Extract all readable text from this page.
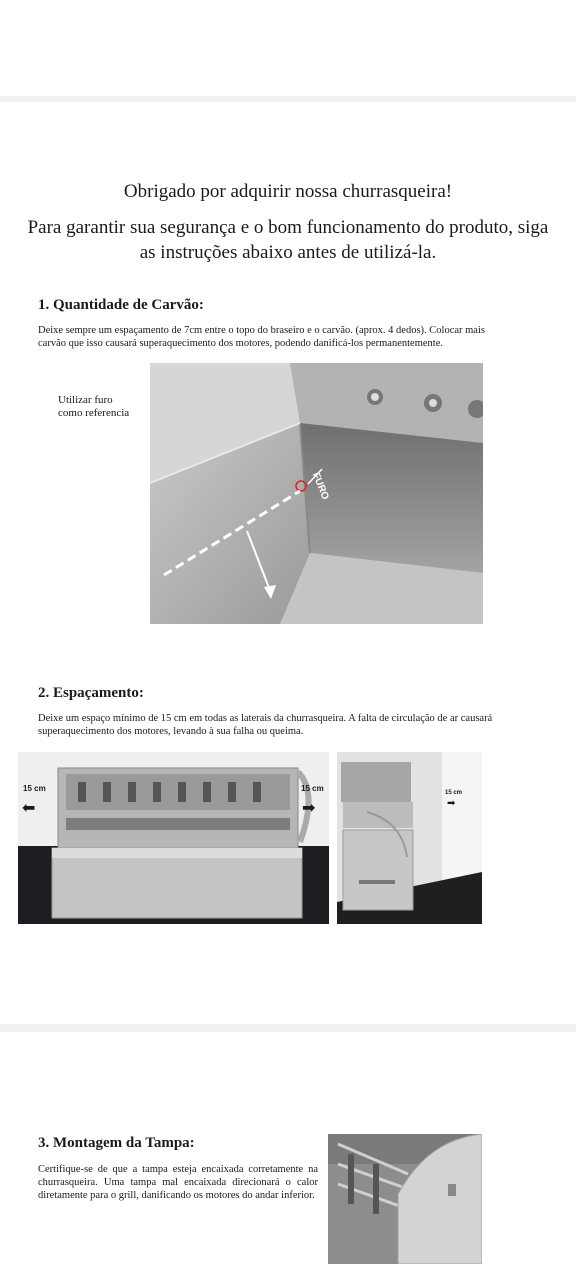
Obrigado por adquirir nossa churrasqueira!
Para garantir sua segurança e o bom funcionamento do produto, siga as instruções abaixo antes de utilizá-la.
1. Quantidade de Carvão:
Deixe sempre um espaçamento de 7cm entre o topo do braseiro e o carvão. (aprox. 4 dedos). Colocar mais carvão que isso causará superaquecimento dos motores, podendo danificá-los permanentemente.
Utilizar furo como referencia
FURO
2. Espaçamento:
Deixe um espaço mínimo de 15 cm em todas as laterais da churrasqueira. A falta de circulação de ar causará superaquecimento dos motores, levando à sua falha ou queima.
15 cm
⬅
15 cm
➡
15 cm
➡
3. Montagem da Tampa:
Certifique-se de que a tampa esteja encaixada corretamente na churrasqueira. Uma tampa mal encaixada direcionará o calor diretamente para o grill, danificando os motores do andar inferior.
